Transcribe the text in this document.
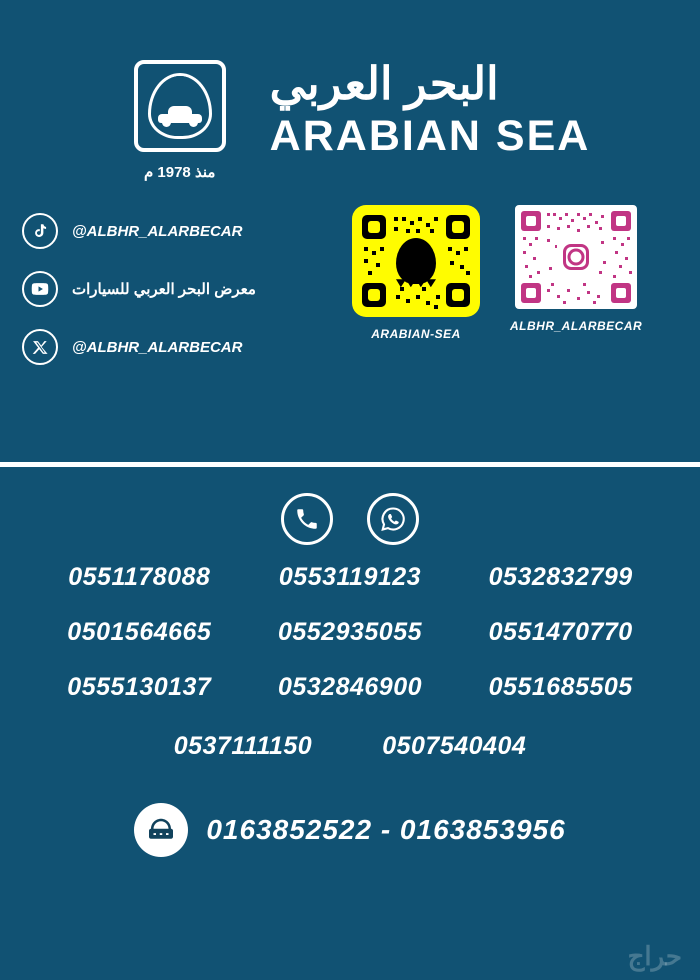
منذ 1978 م
البحر العربي
ARABIAN SEA
@ALBHR_ALARBECAR
معرض البحر العربي للسيارات
@ALBHR_ALARBECAR
ARABIAN-SEA
ALBHR_ALARBECAR
0551178088	0553119123	0532832799
0501564665	0552935055	0551470770
0555130137	0532846900	0551685505
0537111150	0507540404
0163852522 - 0163853956
حراج
